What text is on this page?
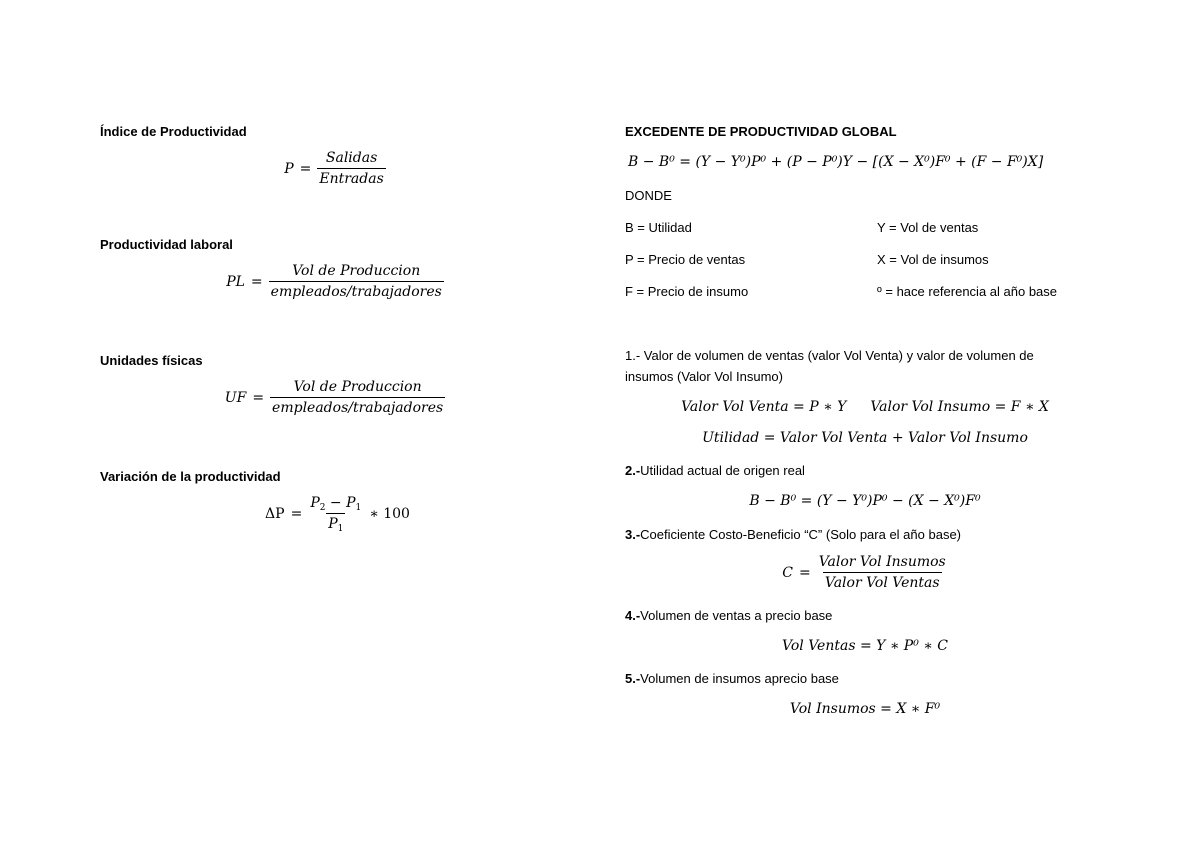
Índice de Productividad
$P = \frac{\text{Salidas}}{\text{Entradas}}$
Productividad laboral
PL = $\frac{\text{Vol de Produccion}}{\text{empleados/trabajadores}}$
Unidades físicas
UF = $\frac{\text{Vol de Produccion}}{\text{empleados/trabajadores}}$
Variación de la productividad
$\Delta P = \frac{P_2 - P_1}{P_1}$ ∗ 100
EXCEDENTE DE PRODUCTIVIDAD GLOBAL
B − B⁰ = (Y − Y⁰)P⁰ + (P − P⁰)Y − [(X − X⁰)F⁰ + (F − F⁰)X]
DONDE
B = Utilidad	Y = Vol de ventas
P = Precio de ventas	X = Vol de insumos
F = Precio de insumo	º = hace referencia al año base
1.- Valor de volumen de ventas (valor Vol Venta) y valor de volumen de
insumos (Valor Vol Insumo)
Valor Vol Venta = P ∗ Y Valor Vol Insumo = F ∗ X
Utilidad = Valor Vol Venta + Valor Vol Insumo
2.-Utilidad actual de origen real
B − B⁰ = (Y − Y⁰)P⁰ − (X − X⁰)F⁰
3.-Coeficiente Costo-Beneficio “C” (Solo para el año base)
$C = \frac{\text{Valor Vol Insumos}}{\text{Valor Vol Ventas}}$
4.-Volumen de ventas a precio base
Vol Ventas = Y ∗ P⁰ ∗ C
5.-Volumen de insumos aprecio base
Vol Insumos = X ∗ F⁰
